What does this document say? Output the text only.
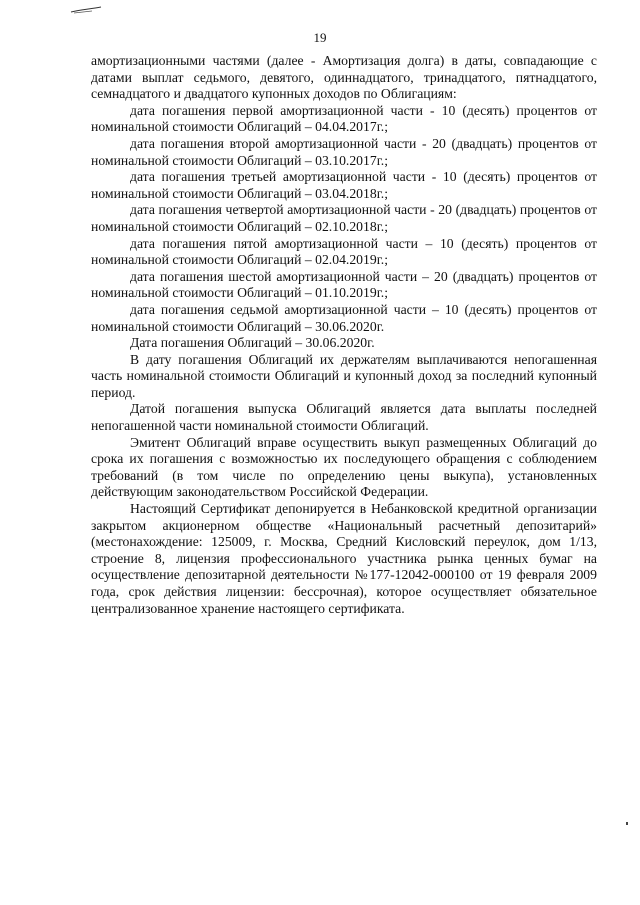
19

амортизационными частями (далее - Амортизация долга) в даты, совпадающие с датами выплат седьмого, девятого, одиннадцатого, тринадцатого, пятнадцатого, семнадцатого и двадцатого купонных доходов по Облигациям:

дата погашения первой амортизационной части - 10 (десять) процентов от номинальной стоимости Облигаций – 04.04.2017г.;

дата погашения второй амортизационной части - 20 (двадцать) процентов от номинальной стоимости Облигаций – 03.10.2017г.;

дата погашения третьей амортизационной части - 10 (десять) процентов от номинальной стоимости Облигаций – 03.04.2018г.;

дата погашения четвертой амортизационной части - 20 (двадцать) процентов от номинальной стоимости Облигаций – 02.10.2018г.;

дата погашения пятой амортизационной части – 10 (десять) процентов от номинальной стоимости Облигаций – 02.04.2019г.;

дата погашения шестой амортизационной части – 20 (двадцать) процентов от номинальной стоимости Облигаций – 01.10.2019г.;

дата погашения седьмой амортизационной части – 10 (десять) процентов от номинальной стоимости Облигаций – 30.06.2020г.

Дата погашения Облигаций – 30.06.2020г.

В дату погашения Облигаций их держателям выплачиваются непогашенная часть номинальной стоимости Облигаций и купонный доход за последний купонный период.

Датой погашения выпуска Облигаций является дата выплаты последней непогашенной части номинальной стоимости Облигаций.

Эмитент Облигаций вправе осуществить выкуп размещенных Облигаций до срока их погашения с возможностью их последующего обращения с соблюдением требований (в том числе по определению цены выкупа), установленных действующим законодательством Российской Федерации.

Настоящий Сертификат депонируется в Небанковской кредитной организации закрытом акционерном обществе «Национальный расчетный депозитарий» (местонахождение: 125009, г. Москва, Средний Кисловский переулок, дом 1/13, строение 8, лицензия профессионального участника рынка ценных бумаг на осуществление депозитарной деятельности №177-12042-000100 от 19 февраля 2009 года, срок действия лицензии: бессрочная), которое осуществляет обязательное централизованное хранение настоящего сертификата.
